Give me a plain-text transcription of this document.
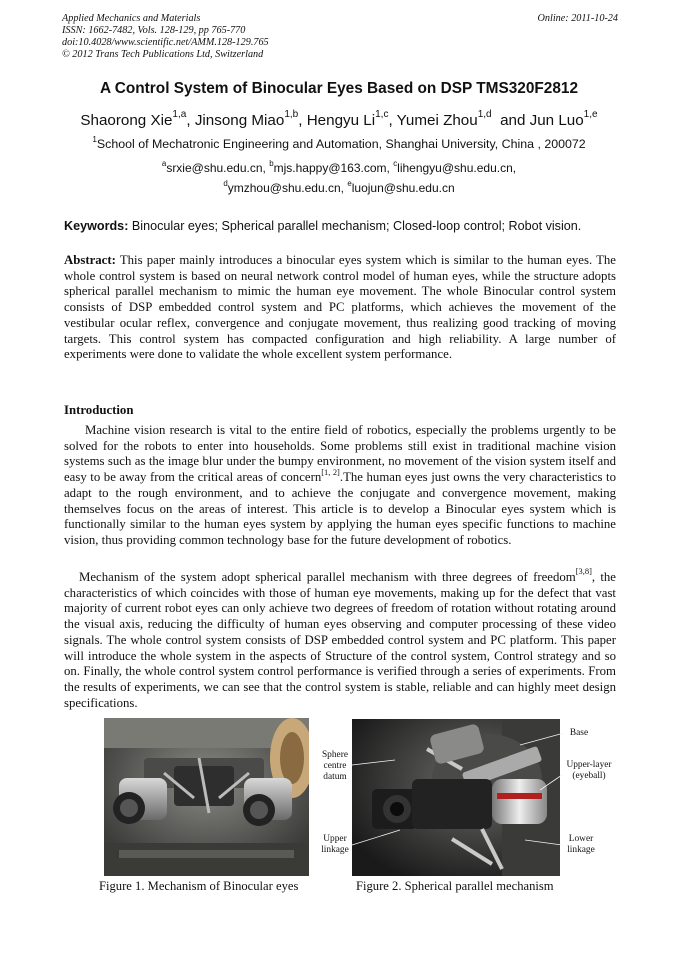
Applied Mechanics and Materials
ISSN: 1662-7482, Vols. 128-129, pp 765-770
doi:10.4028/www.scientific.net/AMM.128-129.765
© 2012 Trans Tech Publications Ltd, Switzerland
Online: 2011-10-24
A Control System of Binocular Eyes Based on DSP TMS320F2812
Shaorong Xie$^{1,a}$, Jinsong Miao$^{1,b}$, Hengyu Li$^{1,c}$, Yumei Zhou$^{1,d}$  and Jun Luo$^{1,e}$
$^1$School of Mechatronic Engineering and Automation, Shanghai University, China , 200072
$^a$srxie@shu.edu.cn, $^b$mjs.happy@163.com, $^c$lihengyu@shu.edu.cn,
$^d$ymzhou@shu.edu.cn, $^e$luojun@shu.edu.cn
Keywords: Binocular eyes; Spherical parallel mechanism; Closed-loop control; Robot vision.

Abstract: This paper mainly introduces a binocular eyes system which is similar to the human eyes. The whole control system is based on neural network control model of human eyes, while the structure adopts spherical parallel mechanism to mimic the human eye movement. The whole Binocular control system consists of DSP embedded control system and PC platforms, which achieves the movement of the vestibular ocular reflex, convergence and conjugate movement, thus realizing good tracking of moving targets. This control system has compacted configuration and high reliability. A large number of experiments were done to validate the whole excellent system performance.

Introduction

Machine vision research is vital to the entire field of robotics, especially the problems urgently to be solved for the robots to enter into households. Some problems still exist in traditional machine vision systems such as the image blur under the bumpy environment, no movement of the vision system itself and easy to be away from the critical areas of concern[1, 2].The human eyes just owns the very characteristics to adapt to the rough environment, and to achieve the conjugate and convergence movement, making themselves focus on the areas of interest. This article is to develop a Binocular eyes system which is functionally similar to the human eyes system by applying the human eyes specific functions to machine vision, thus providing common technology base for the future development of robotics.

Mechanism of the system adopt spherical parallel mechanism with three degrees of freedom[3,8], the characteristics of which coincides with those of human eye movements, making up for the defect that vast majority of current robot eyes can only achieve two degrees of freedom of rotation without rotating around the visual axis, reducing the difficulty of human eyes observing and computer processing of these video signals. The whole control system consists of DSP embedded control system and PC platform. This paper will introduce the whole system in the aspects of Structure of the control system, Control strategy and so on. Finally, the whole control system control performance is verified through a series of experiments. From the results of experiments, we can see that the control system is stable, reliable and can highly meet design specifications.

Sphere centre datum
Upper linkage
Base
Upper-layer (eyeball)
Lower linkage
Figure 1. Mechanism of Binocular eyes	Figure 2. Spherical parallel mechanism
